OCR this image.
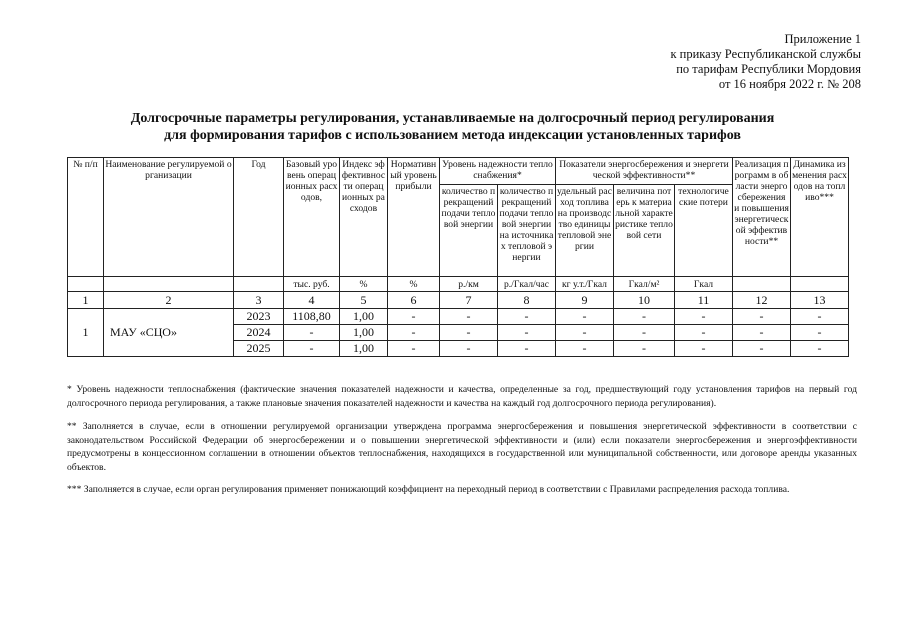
Приложение 1
к приказу Республиканской службы
по тарифам Республики Мордовия
от 16 ноября 2022 г. № 208
Долгосрочные параметры регулирования, устанавливаемые на долгосрочный период регулирования
для формирования тарифов с использованием метода индексации установленных тарифов
№ п/п	Наименование регулируемой организации	Год	Базовый уровень операционных расходов,	Индекс эффективности операционных расходов	Нормативный уровень прибыли	Уровень надежности теплоснабжения*		Показатели энергосбережения и энергетической эффективности**			Реализация программ в области энергосбережения и повышения энергетической эффективности**	Динамика изменения расходов на топливо***
						количество прекращений подачи тепловой энергии	количество прекращений подачи тепловой энергии на источниках тепловой энергии	удельный расход топлива на производство единицы тепловой энергии	величина потерь к материальной характеристике тепловой сети	технологические потери		
			тыс. руб.	%	%	р./км	р./Гкал/час	кг у.т./Гкал	Гкал/м²	Гкал		
1	2	3	4	5	6	7	8	9	10	11	12	13
1	МАУ «СЦО»	2023	1108,80	1,00	-	-	-	-	-	-	-	-
		2024	-	1,00	-	-	-	-	-	-	-	-
		2025	-	1,00	-	-	-	-	-	-	-	-
* Уровень надежности теплоснабжения (фактические значения показателей надежности и качества, определенные за год, предшествующий году установления тарифов на первый год долгосрочного периода регулирования, а также плановые значения показателей надежности и качества на каждый год долгосрочного периода регулирования).
** Заполняется в случае, если в отношении регулируемой организации утверждена программа энергосбережения и повышения энергетической эффективности в соответствии с законодательством Российской Федерации об энергосбережении и о повышении энергетической эффективности и (или) если показатели энергосбережения и энергоэффективности предусмотрены в концессионном соглашении в отношении объектов теплоснабжения, находящихся в государственной или муниципальной собственности, или договоре аренды указанных объектов.
*** Заполняется в случае, если орган регулирования применяет понижающий коэффициент на переходный период в соответствии с Правилами распределения расхода топлива.
